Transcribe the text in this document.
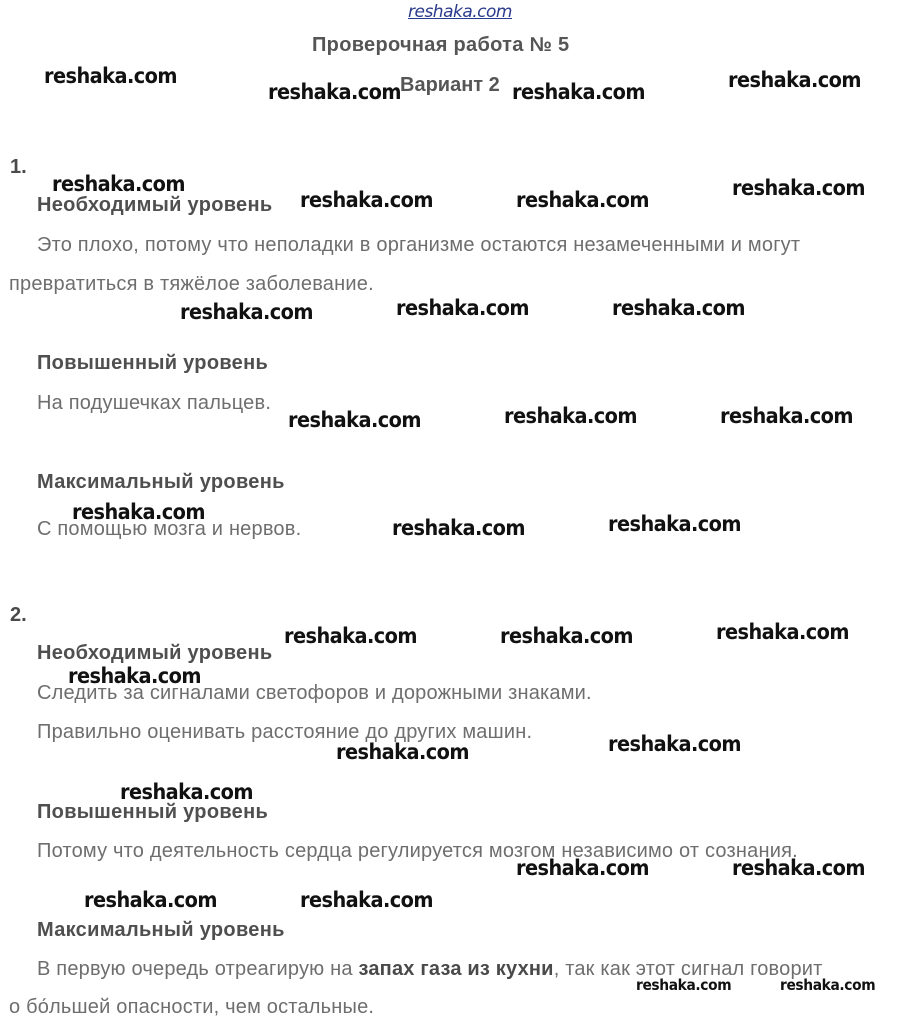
reshaka.com
Проверочная работа № 5
Вариант 2
1.
Необходимый уровень
Это плохо, потому что неполадки в организме остаются незамеченными и могут
превратиться в тяжёлое заболевание.
Повышенный уровень
На подушечках пальцев.
Максимальный уровень
С помощью мозга и нервов.
2.
Необходимый уровень
Следить за сигналами светофоров и дорожными знаками.
Правильно оценивать расстояние до других машин.
Повышенный уровень
Потому что деятельность сердца регулируется мозгом независимо от сознания.
Максимальный уровень
В первую очередь отреагирую на запах газа из кухни, так как этот сигнал говорит
о бо́льшей опасности, чем остальные.
reshaka.com
reshaka.com	reshaka.com	reshaka.com
reshaka.com
reshaka.com	reshaka.com	reshaka.com
reshaka.com	reshaka.com	reshaka.com
reshaka.com	reshaka.com	reshaka.com
reshaka.com
reshaka.com	reshaka.com
reshaka.com	reshaka.com	reshaka.com
reshaka.com
reshaka.com	reshaka.com
reshaka.com
reshaka.com	reshaka.com
reshaka.com	reshaka.com
reshaka.com	reshaka.com
